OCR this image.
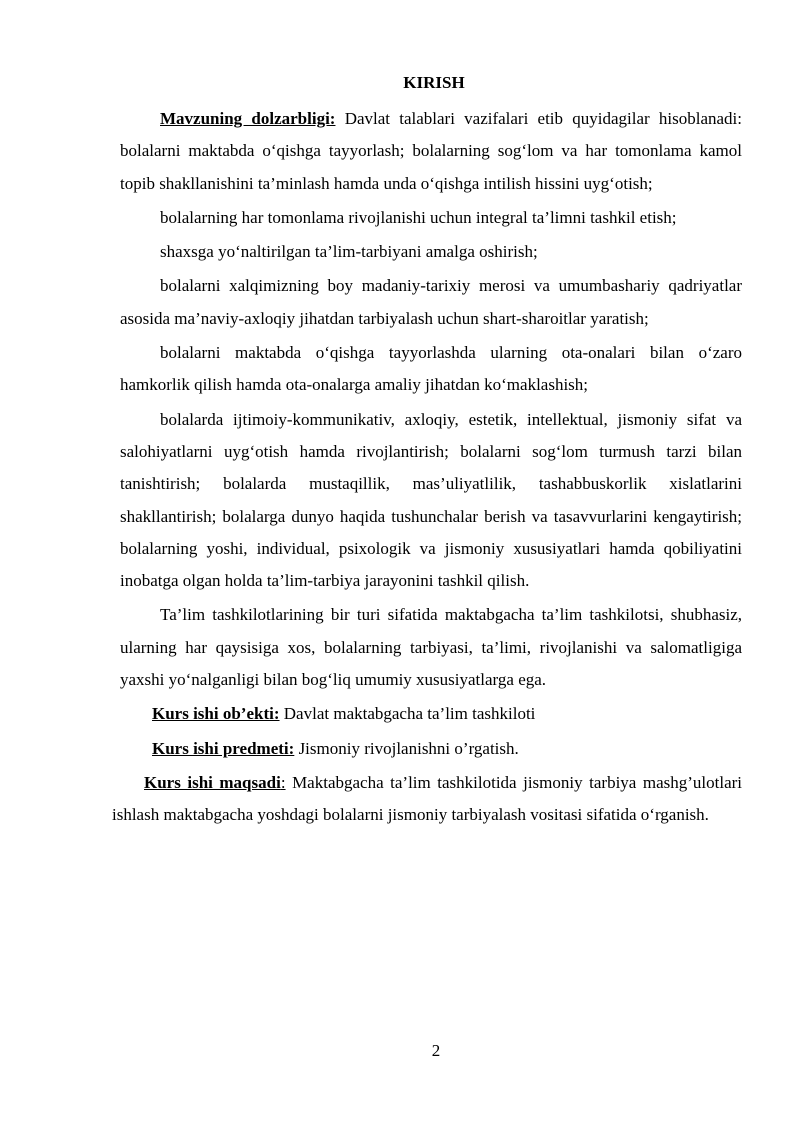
KIRISH

Mavzuning dolzarbligi: Davlat talablari vazifalari etib quyidagilar hisoblanadi: bolalarni maktabda o‘qishga tayyorlash; bolalarning sog‘lom va har tomonlama kamol topib shakllanishini ta’minlash hamda unda o‘qishga intilish hissini uyg‘otish;

bolalarning har tomonlama rivojlanishi uchun integral ta’limni tashkil etish;

shaxsga yo‘naltirilgan ta’lim-tarbiyani amalga oshirish;

bolalarni xalqimizning boy madaniy-tarixiy merosi va umumbashariy qadriyatlar asosida ma’naviy-axloqiy jihatdan tarbiyalash uchun shart-sharoitlar yaratish;

bolalarni maktabda o‘qishga tayyorlashda ularning ota-onalari bilan o‘zaro hamkorlik qilish hamda ota-onalarga amaliy jihatdan ko‘maklashish;

bolalarda ijtimoiy-kommunikativ, axloqiy, estetik, intellektual, jismoniy sifat va salohiyatlarni uyg‘otish hamda rivojlantirish; bolalarni sog‘lom turmush tarzi bilan tanishtirish; bolalarda mustaqillik, mas’uliyatlilik, tashabbuskorlik xislatlarini shakllantirish; bolalarga dunyo haqida tushunchalar berish va tasavvurlarini kengaytirish; bolalarning yoshi, individual, psixologik va jismoniy xususiyatlari hamda qobiliyatini inobatga olgan holda ta’lim-tarbiya jarayonini tashkil qilish.

Ta’lim tashkilotlarining bir turi sifatida maktabgacha ta’lim tashkilotsi, shubhasiz, ularning har qaysisiga xos, bolalarning tarbiyasi, ta’limi, rivojlanishi va salomatligiga yaxshi yo‘nalganligi bilan bog‘liq umumiy xususiyatlarga ega.

Kurs ishi ob’ekti: Davlat maktabgacha ta’lim tashkiloti

Kurs ishi predmeti: Jismoniy rivojlanishni o’rgatish.

Kurs ishi maqsadi: Maktabgacha ta’lim tashkilotida jismoniy tarbiya mashg’ulotlari ishlash maktabgacha yoshdagi bolalarni jismoniy tarbiyalash vositasi sifatida o‘rganish.

2
